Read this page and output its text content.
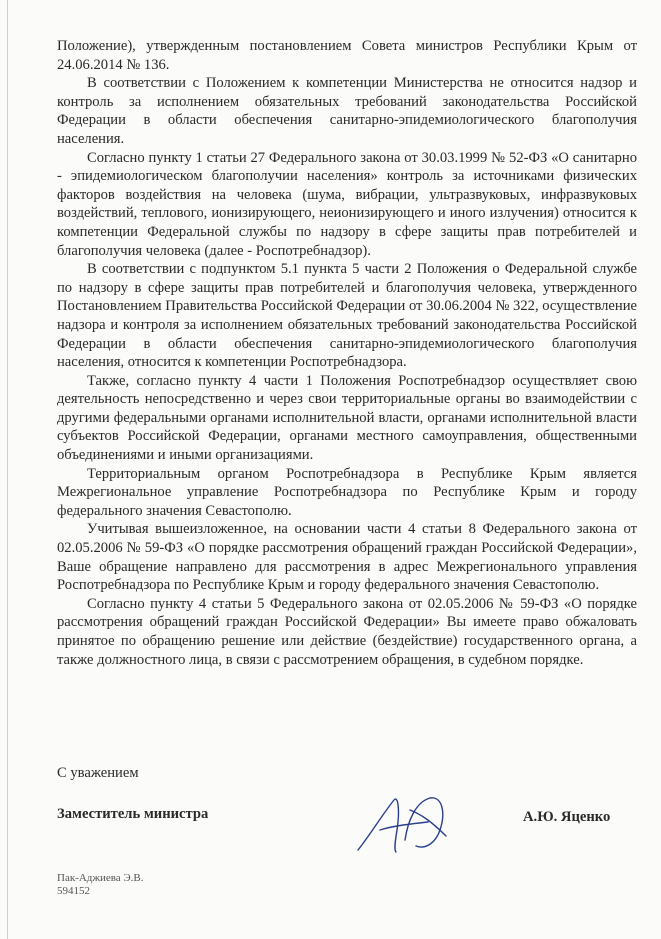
Положение), утвержденным постановлением Совета министров Республики Крым от 24.06.2014 № 136.

В соответствии с Положением к компетенции Министерства не относится надзор и контроль за исполнением обязательных требований законодательства Российской Федерации в области обеспечения санитарно-эпидемиологического благополучия населения.

Согласно пункту 1 статьи 27 Федерального закона от 30.03.1999 № 52-ФЗ «О санитарно - эпидемиологическом благополучии населения» контроль за источниками физических факторов воздействия на человека (шума, вибрации, ультразвуковых, инфразвуковых воздействий, теплового, ионизирующего, неионизирующего и иного излучения) относится к компетенции Федеральной службы по надзору в сфере защиты прав потребителей и благополучия человека (далее - Роспотребнадзор).

В соответствии с подпунктом 5.1 пункта 5 части 2 Положения о Федеральной службе по надзору в сфере защиты прав потребителей и благополучия человека, утвержденного Постановлением Правительства Российской Федерации от 30.06.2004 № 322, осуществление надзора и контроля за исполнением обязательных требований законодательства Российской Федерации в области обеспечения санитарно-эпидемиологического благополучия населения, относится к компетенции Роспотребнадзора.

Также, согласно пункту 4 части 1 Положения Роспотребнадзор осуществляет свою деятельность непосредственно и через свои территориальные органы во взаимодействии с другими федеральными органами исполнительной власти, органами исполнительной власти субъектов Российской Федерации, органами местного самоуправления, общественными объединениями и иными организациями.

Территориальным органом Роспотребнадзора в Республике Крым является Межрегиональное управление Роспотребнадзора по Республике Крым и городу федерального значения Севастополю.

Учитывая вышеизложенное, на основании части 4 статьи 8 Федерального закона от 02.05.2006 № 59-ФЗ «О порядке рассмотрения обращений граждан Российской Федерации», Ваше обращение направлено для рассмотрения в адрес Межрегионального управления Роспотребнадзора по Республике Крым и городу федерального значения Севастополю.

Согласно пункту 4 статьи 5 Федерального закона от 02.05.2006 № 59-ФЗ «О порядке рассмотрения обращений граждан Российской Федерации» Вы имеете право обжаловать принятое по обращению решение или действие (бездействие) государственного органа, а также должностного лица, в связи с рассмотрением обращения, в судебном порядке.

С уважением
Заместитель министра	А.Ю. Яценко
Пак-Аджиева Э.В.
594152
